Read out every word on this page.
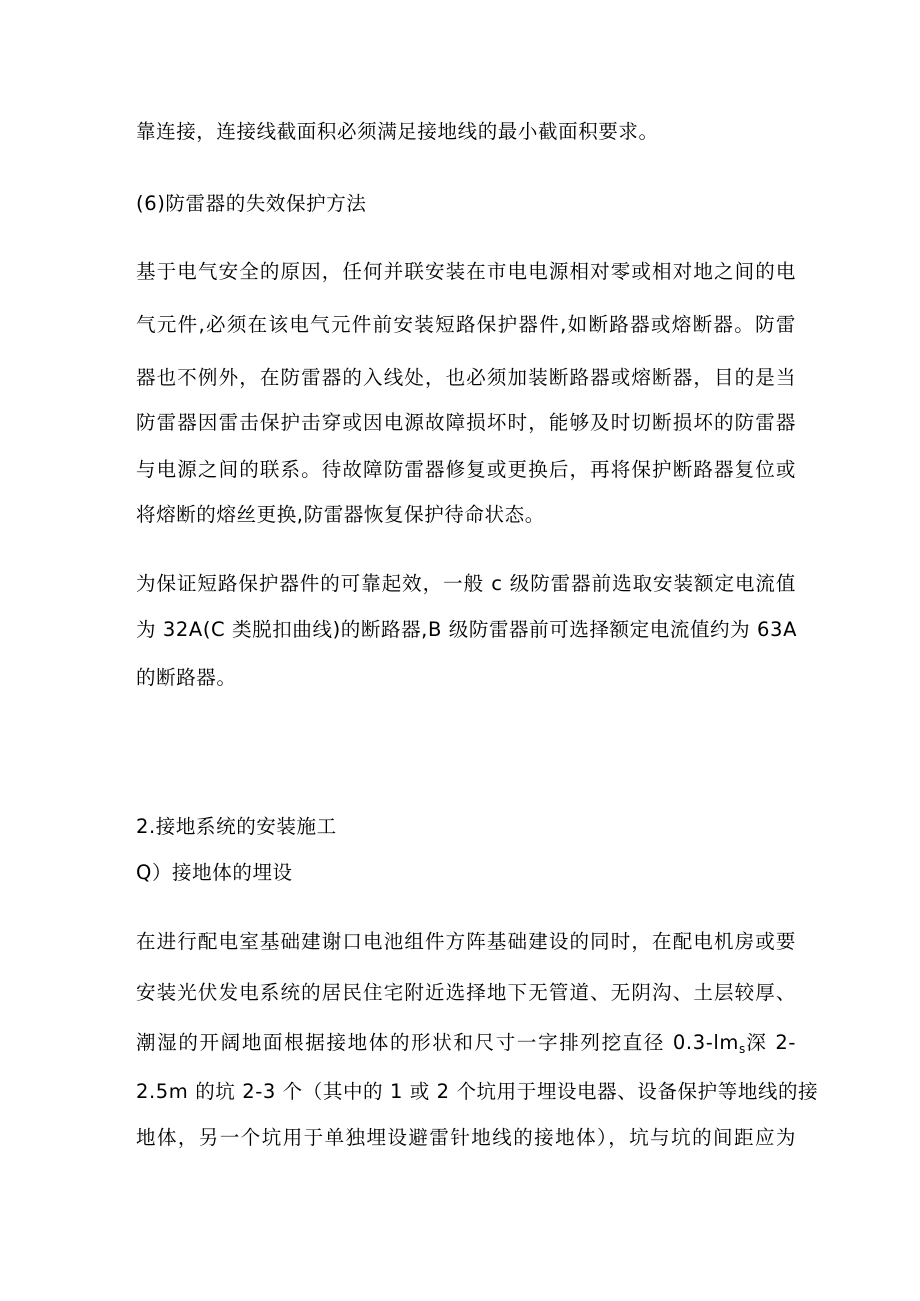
靠连接，连接线截面积必须满足接地线的最小截面积要求。
(6)防雷器的失效保护方法
基于电气安全的原因，任何并联安装在市电电源相对零或相对地之间的电
气元件,必须在该电气元件前安装短路保护器件,如断路器或熔断器。防雷
器也不例外，在防雷器的入线处，也必须加装断路器或熔断器，目的是当
防雷器因雷击保护击穿或因电源故障损坏时，能够及时切断损坏的防雷器
与电源之间的联系。待故障防雷器修复或更换后，再将保护断路器复位或
将熔断的熔丝更换,防雷器恢复保护待命状态。
为保证短路保护器件的可靠起效，一般 c 级防雷器前选取安装额定电流值
为 32A(C 类脱扣曲线)的断路器,B 级防雷器前可选择额定电流值约为 63A
的断路器。
2.接地系统的安装施工
Q）接地体的埋设
在进行配电室基础建谢口电池组件方阵基础建设的同时，在配电机房或要
安装光伏发电系统的居民住宅附近选择地下无管道、无阴沟、土层较厚、
潮湿的开阔地面根据接地体的形状和尺寸一字排列挖直径 $0.3-lm_s$深 2-
2.5m 的坑 2-3 个（其中的 1 或 2 个坑用于埋设电器、设备保护等地线的接
地体，另一个坑用于单独埋设避雷针地线的接地体），坑与坑的间距应为
